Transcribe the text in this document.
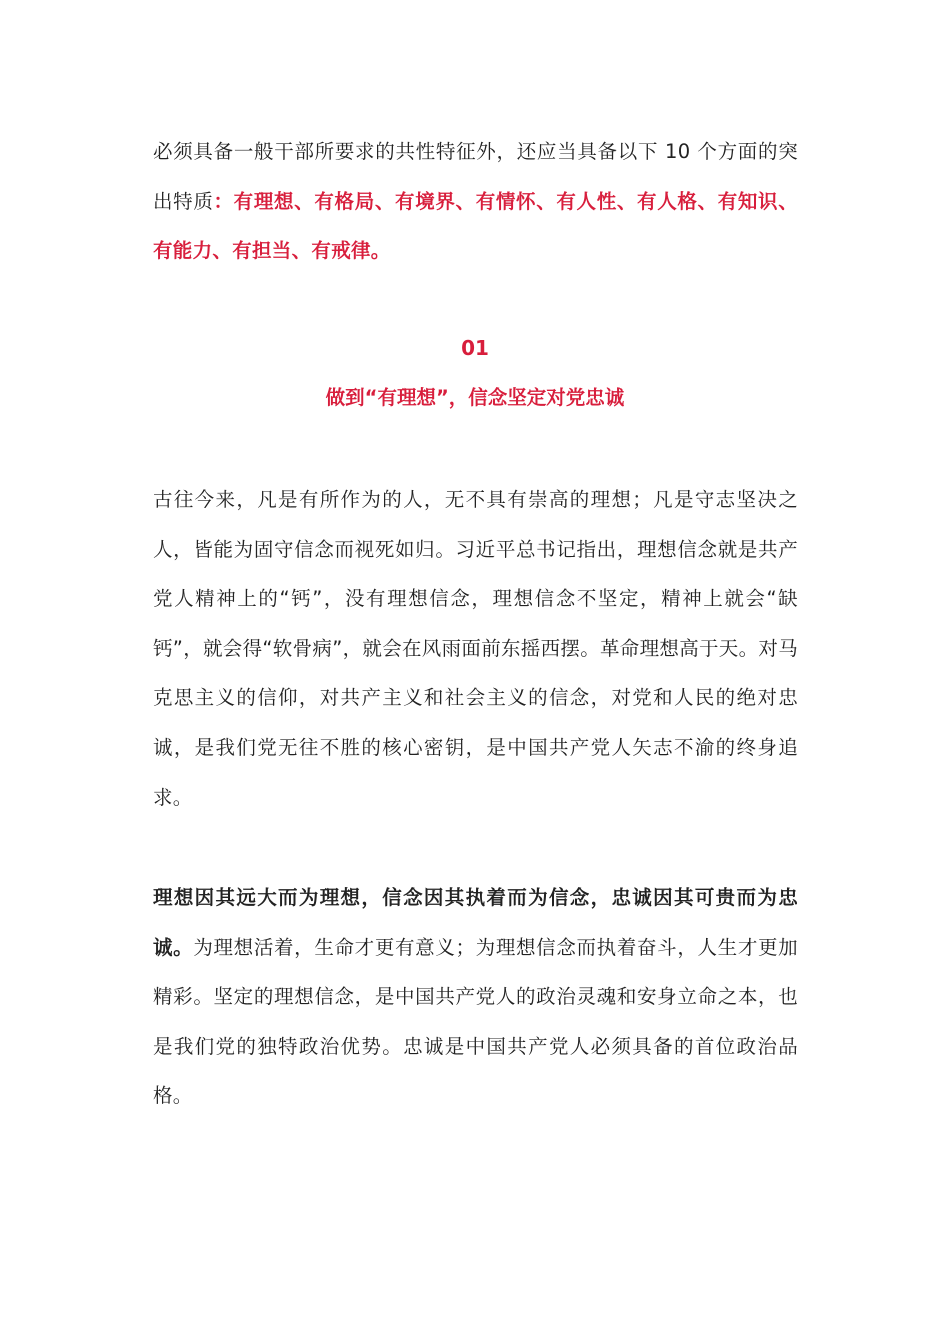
必须具备一般干部所要求的共性特征外，还应当具备以下 10 个方面的突出特质：有理想、有格局、有境界、有情怀、有人性、有人格、有知识、有能力、有担当、有戒律。

01

做到“有理想”，信念坚定对党忠诚

古往今来，凡是有所作为的人，无不具有崇高的理想；凡是守志坚决之人，皆能为固守信念而视死如归。习近平总书记指出，理想信念就是共产党人精神上的“钙”，没有理想信念，理想信念不坚定，精神上就会“缺钙”，就会得“软骨病”，就会在风雨面前东摇西摆。革命理想高于天。对马克思主义的信仰，对共产主义和社会主义的信念，对党和人民的绝对忠诚，是我们党无往不胜的核心密钥，是中国共产党人矢志不渝的终身追求。

理想因其远大而为理想，信念因其执着而为信念，忠诚因其可贵而为忠诚。为理想活着，生命才更有意义；为理想信念而执着奋斗，人生才更加精彩。坚定的理想信念，是中国共产党人的政治灵魂和安身立命之本，也是我们党的独特政治优势。忠诚是中国共产党人必须具备的首位政治品格。
